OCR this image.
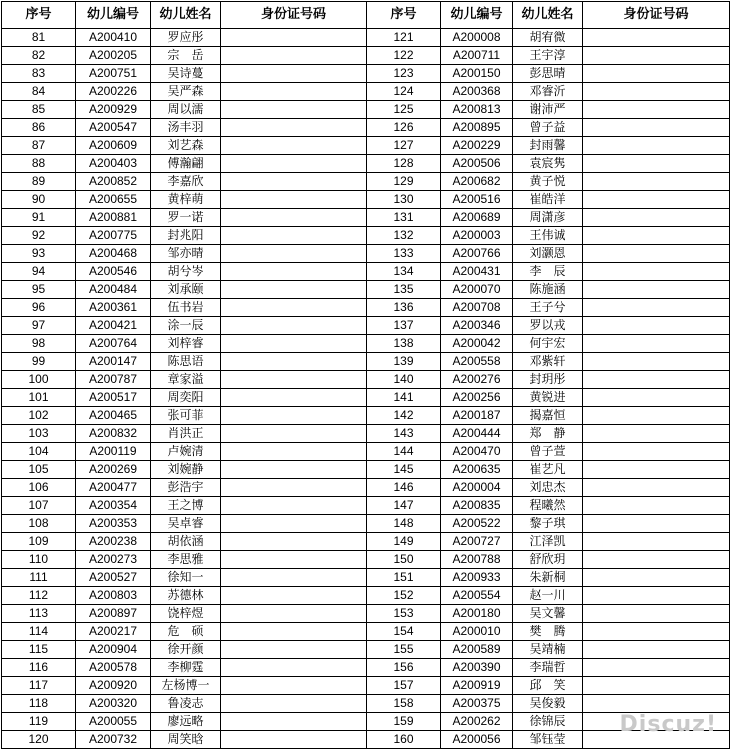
序号	幼儿编号	幼儿姓名	身份证号码	序号	幼儿编号	幼儿姓名	身份证号码
81	A200410	罗应彤		121	A200008	胡宥微	
82	A200205	宗　岳		122	A200711	王宇淳	
83	A200751	吴诗蔓		123	A200150	彭思晴	
84	A200226	吴严森		124	A200368	邓睿沂	
85	A200929	周以濡		125	A200813	谢沛严	
86	A200547	汤丰羽		126	A200895	曾子益	
87	A200609	刘艺森		127	A200229	封雨馨	
88	A200403	傅瀚翩		128	A200506	袁宸隽	
89	A200852	李嘉欣		129	A200682	黄子悦	
90	A200655	黄梓萌		130	A200516	崔皓洋	
91	A200881	罗一诺		131	A200689	周潇彦	
92	A200775	封兆阳		132	A200003	王伟诚	
93	A200468	邹亦晴		133	A200766	刘灏恩	
94	A200546	胡兮岑		134	A200431	李　辰	
95	A200484	刘承颐		135	A200070	陈施涵	
96	A200361	伍书岩		136	A200708	王子兮	
97	A200421	涂一辰		137	A200346	罗以戎	
98	A200764	刘梓睿		138	A200042	何宇宏	
99	A200147	陈思语		139	A200558	邓紫轩	
100	A200787	章家溢		140	A200276	封玥彤	
101	A200517	周奕阳		141	A200256	黄锐进	
102	A200465	张可菲		142	A200187	揭嘉恒	
103	A200832	肖洪正		143	A200444	郑　静	
104	A200119	卢婉清		144	A200470	曾子萱	
105	A200269	刘婉静		145	A200635	崔艺凡	
106	A200477	彭浩宇		146	A200004	刘忠杰	
107	A200354	王之博		147	A200835	程曦然	
108	A200353	吴卓睿		148	A200522	黎子琪	
109	A200238	胡依涵		149	A200727	江泽凯	
110	A200273	李思雅		150	A200788	舒欣玥	
111	A200527	徐知一		151	A200933	朱新桐	
112	A200803	苏德林		152	A200554	赵一川	
113	A200897	饶梓煜		153	A200180	吴文馨	
114	A200217	危　硕		154	A200010	樊　腾	
115	A200904	徐开颜		155	A200589	吴靖楠	
116	A200578	李柳霆		156	A200390	李瑞哲	
117	A200920	左杨博一		157	A200919	邱　笑	
118	A200320	鲁凌志		158	A200375	吴俊毅	
119	A200055	廖远略		159	A200262	徐锦辰	
120	A200732	周笑晗		160	A200056	邹钰莹	
Discuz!
